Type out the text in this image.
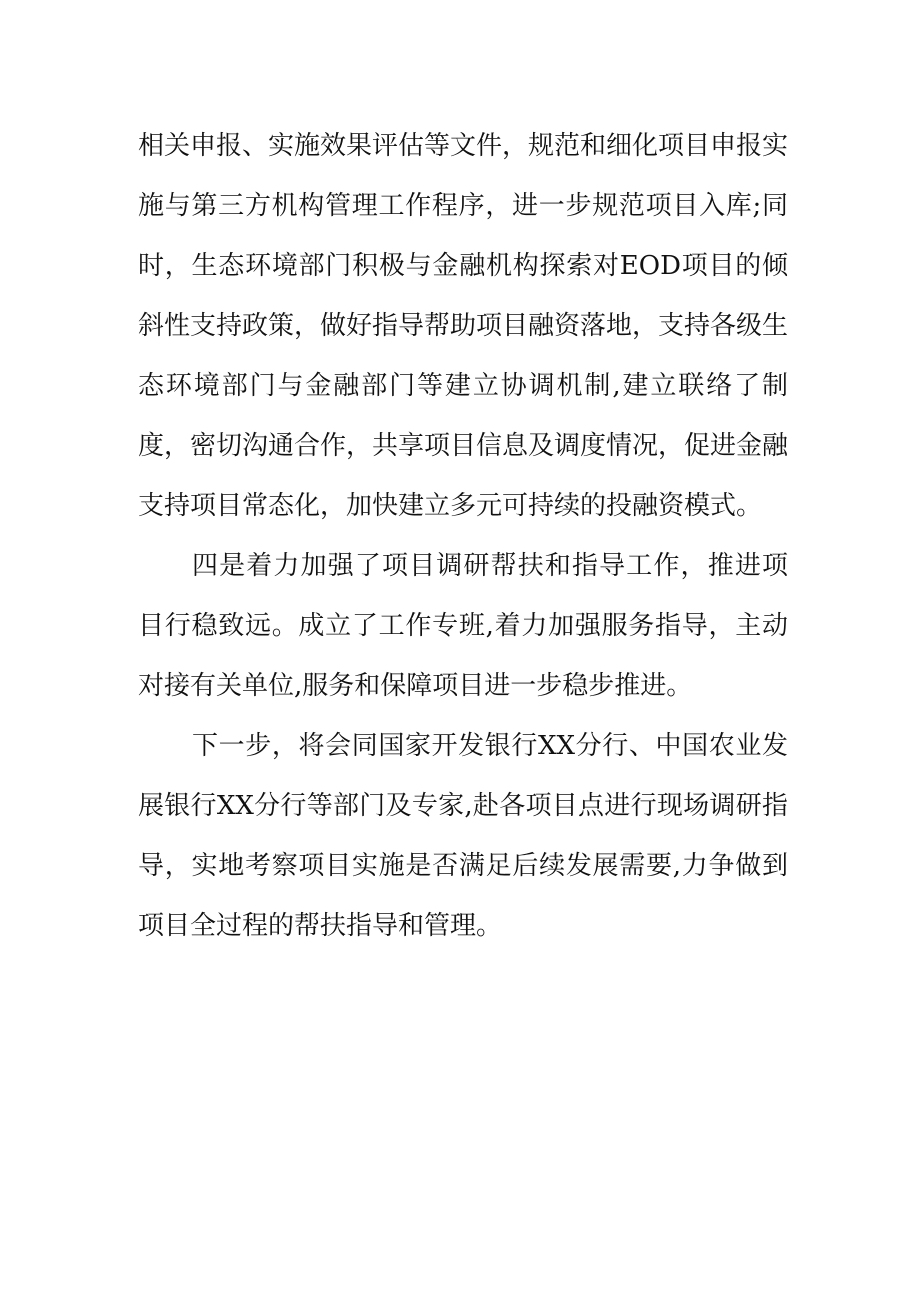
相关申报、实施效果评估等文件，规范和细化项目申报实施与第三方机构管理工作程序，进一步规范项目入库;同时，生态环境部门积极与金融机构探索对EOD项目的倾斜性支持政策，做好指导帮助项目融资落地，支持各级生态环境部门与金融部门等建立协调机制,建立联络了制度，密切沟通合作，共享项目信息及调度情况，促进金融支持项目常态化，加快建立多元可持续的投融资模式。

四是着力加强了项目调研帮扶和指导工作，推进项目行稳致远。成立了工作专班,着力加强服务指导，主动对接有关单位,服务和保障项目进一步稳步推进。

下一步，将会同国家开发银行XX分行、中国农业发展银行XX分行等部门及专家,赴各项目点进行现场调研指导，实地考察项目实施是否满足后续发展需要,力争做到项目全过程的帮扶指导和管理。
